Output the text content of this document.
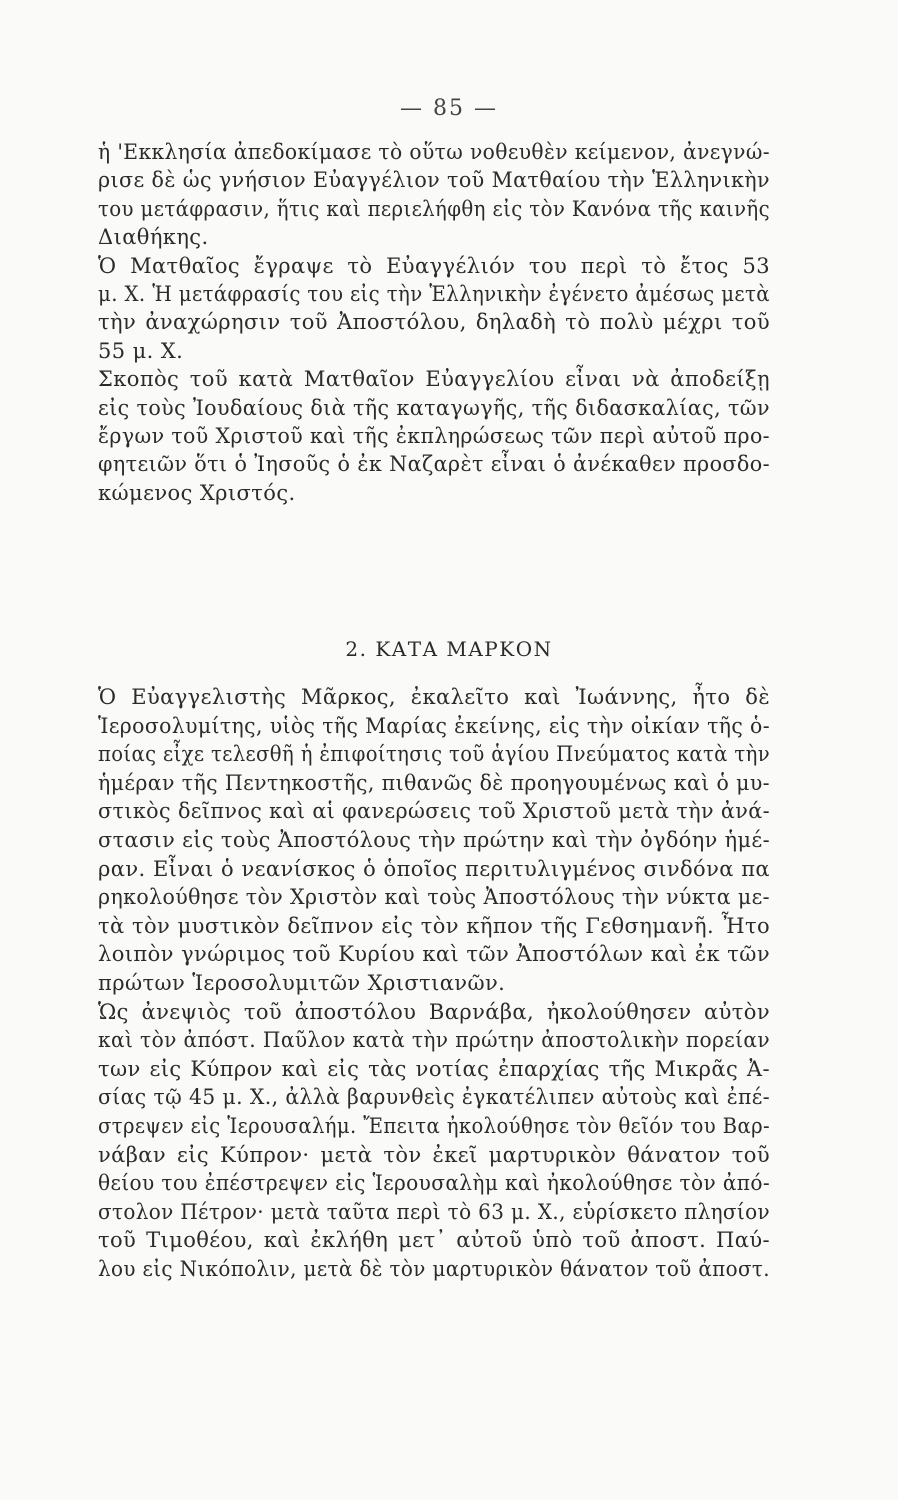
— 85 —
ἡ 'Εκκλησία ἀπεδοκίμασε τὸ οὕτω νοθευθὲν κείμενον, ἀνεγνώ-
ρισε δὲ ὡς γνήσιον Εὐαγγέλιον τοῦ Ματθαίου τὴν Ἑλληνικὴν
του μετάφρασιν, ἥτις καὶ περιελήφθη εἰς τὸν Κανόνα τῆς καινῆς
Διαθήκης.
Ὁ Ματθαῖος ἔγραψε τὸ Εὐαγγέλιόν του περὶ τὸ ἔτος 53
μ. Χ. Ἡ μετάφρασίς του εἰς τὴν Ἑλληνικὴν ἐγένετο ἀμέσως μετὰ
τὴν ἀναχώρησιν τοῦ Ἀποστόλου, δηλαδὴ τὸ πολὺ μέχρι τοῦ
55 μ. Χ.
Σκοπὸς τοῦ κατὰ Ματθαῖον Εὐαγγελίου εἶναι νὰ ἀποδείξῃ
εἰς τοὺς Ἰουδαίους διὰ τῆς καταγωγῆς, τῆς διδασκαλίας, τῶν
ἔργων τοῦ Χριστοῦ καὶ τῆς ἐκπληρώσεως τῶν περὶ αὐτοῦ προ-
φητειῶν ὅτι ὁ Ἰησοῦς ὁ ἐκ Ναζαρὲτ εἶναι ὁ ἀνέκαθεν προσδο-
κώμενος Χριστός.
2. ΚΑΤΑ ΜΑΡΚΟΝ
Ὁ Εὐαγγελιστὴς Μᾶρκος, ἐκαλεῖτο καὶ Ἰωάννης, ἦτο δὲ
Ἱεροσολυμίτης, υἱὸς τῆς Μαρίας ἐκείνης, εἰς τὴν οἰκίαν τῆς ὁ-
ποίας εἶχε τελεσθῆ ἡ ἐπιφοίτησις τοῦ ἁγίου Πνεύματος κατὰ τὴν
ἡμέραν τῆς Πεντηκοστῆς, πιθανῶς δὲ προηγουμένως καὶ ὁ μυ-
στικὸς δεῖπνος καὶ αἱ φανερώσεις τοῦ Χριστοῦ μετὰ τὴν ἀνά-
στασιν εἰς τοὺς Ἀποστόλους τὴν πρώτην καὶ τὴν ὀγδόην ἡμέ-
ραν. Εἶναι ὁ νεανίσκος ὁ ὁποῖος περιτυλιγμένος σινδόνα πα
ρηκολούθησε τὸν Χριστὸν καὶ τοὺς Ἀποστόλους τὴν νύκτα με-
τὰ τὸν μυστικὸν δεῖπνον εἰς τὸν κῆπον τῆς Γεθσημανῆ. Ἦτο
λοιπὸν γνώριμος τοῦ Κυρίου καὶ τῶν Ἀποστόλων καὶ ἐκ τῶν
πρώτων Ἱεροσολυμιτῶν Χριστιανῶν.
Ὡς ἀνεψιὸς τοῦ ἀποστόλου Βαρνάβα, ἠκολούθησεν αὐτὸν
καὶ τὸν ἀπόστ. Παῦλον κατὰ τὴν πρώτην ἀποστολικὴν πορείαν
των εἰς Κύπρον καὶ εἰς τὰς νοτίας ἐπαρχίας τῆς Μικρᾶς Ἀ-
σίας τῷ 45 μ. Χ., ἀλλὰ βαρυνθεὶς ἐγκατέλιπεν αὐτοὺς καὶ ἐπέ-
στρεψεν εἰς Ἱερουσαλήμ. Ἔπειτα ἠκολούθησε τὸν θεῖόν του Βαρ-
νάβαν εἰς Κύπρον· μετὰ τὸν ἐκεῖ μαρτυρικὸν θάνατον τοῦ
θείου του ἐπέστρεψεν εἰς Ἱερουσαλὴμ καὶ ἠκολούθησε τὸν ἀπό-
στολον Πέτρον· μετὰ ταῦτα περὶ τὸ 63 μ. Χ., εὑρίσκετο πλησίον
τοῦ Τιμοθέου, καὶ ἐκλήθη μετ᾽ αὐτοῦ ὑπὸ τοῦ ἀποστ. Παύ-
λου εἰς Νικόπολιν, μετὰ δὲ τὸν μαρτυρικὸν θάνατον τοῦ ἀποστ.
